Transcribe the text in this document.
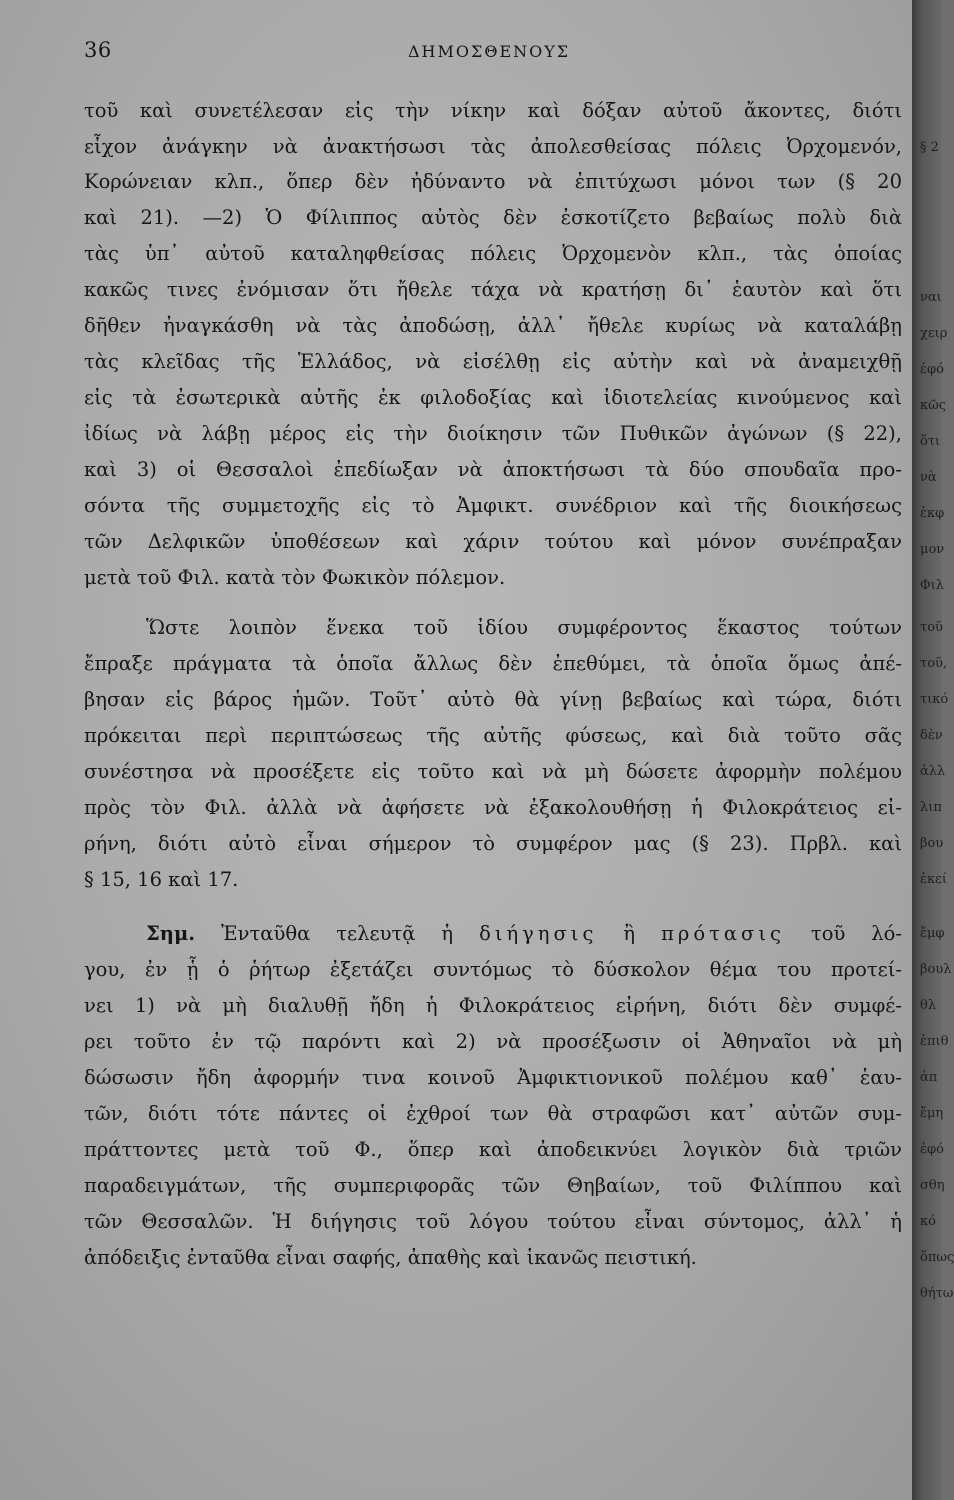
36	ΔΗΜΟΣΘΕΝΟΥΣ
τοῦ καὶ συνετέλεσαν εἰς τὴν νίκην καὶ δόξαν αὐτοῦ ἄκοντες, διότι
εἶχον ἀνάγκην νὰ ἀνακτήσωσι τὰς ἀπολεσθείσας πόλεις Ὀρχομενόν,
Κορώνειαν κλπ., ὅπερ δὲν ἠδύναντο νὰ ἐπιτύχωσι μόνοι των (§ 20
καὶ 21). —2) Ὁ Φίλιππος αὐτὸς δὲν ἐσκοτίζετο βεβαίως πολὺ διὰ
τὰς ὑπ᾽ αὐτοῦ καταληφθείσας πόλεις Ὀρχομενὸν κλπ., τὰς ὁποίας
κακῶς τινες ἐνόμισαν ὅτι ἤθελε τάχα νὰ κρατήσῃ δι᾽ ἑαυτὸν καὶ ὅτι
δῆθεν ἠναγκάσθη νὰ τὰς ἀποδώσῃ, ἀλλ᾽ ἤθελε κυρίως νὰ καταλάβῃ
τὰς κλεῖδας τῆς Ἑλλάδος, νὰ εἰσέλθῃ εἰς αὐτὴν καὶ νὰ ἀναμειχθῇ
εἰς τὰ ἐσωτερικὰ αὐτῆς ἐκ φιλοδοξίας καὶ ἰδιοτελείας κινούμενος καὶ
ἰδίως νὰ λάβῃ μέρος εἰς τὴν διοίκησιν τῶν Πυθικῶν ἀγώνων (§ 22),
καὶ 3) οἱ Θεσσαλοὶ ἐπεδίωξαν νὰ ἀποκτήσωσι τὰ δύο σπουδαῖα προ-
σόντα τῆς συμμετοχῆς εἰς τὸ Ἀμφικτ. συνέδριον καὶ τῆς διοικήσεως
τῶν Δελφικῶν ὑποθέσεων καὶ χάριν τούτου καὶ μόνον συνέπραξαν
μετὰ τοῦ Φιλ. κατὰ τὸν Φωκικὸν πόλεμον.
Ὥστε λοιπὸν ἕνεκα τοῦ ἰδίου συμφέροντος ἕκαστος τούτων
ἔπραξε πράγματα τὰ ὁποῖα ἄλλως δὲν ἐπεθύμει, τὰ ὁποῖα ὅμως ἀπέ-
βησαν εἰς βάρος ἡμῶν. Τοῦτ᾽ αὐτὸ θὰ γίνῃ βεβαίως καὶ τώρα, διότι
πρόκειται περὶ περιπτώσεως τῆς αὐτῆς φύσεως, καὶ διὰ τοῦτο σᾶς
συνέστησα νὰ προσέξετε εἰς τοῦτο καὶ νὰ μὴ δώσετε ἀφορμὴν πολέμου
πρὸς τὸν Φιλ. ἀλλὰ νὰ ἀφήσετε νὰ ἐξακολουθήσῃ ἡ Φιλοκράτειος εἰ-
ρήνη, διότι αὐτὸ εἶναι σήμερον τὸ συμφέρον μας (§ 23). Πρβλ. καὶ
§ 15, 16 καὶ 17.
Σημ. Ἐνταῦθα τελευτᾷ ἡ διήγησις ἢ πρότασις τοῦ λό-
γου, ἐν ᾗ ὁ ῥήτωρ ἐξετάζει συντόμως τὸ δύσκολον θέμα του προτεί-
νει 1) νὰ μὴ διαλυθῇ ἤδη ἡ Φιλοκράτειος εἰρήνη, διότι δὲν συμφέ-
ρει τοῦτο ἐν τῷ παρόντι καὶ 2) νὰ προσέξωσιν οἱ Ἀθηναῖοι νὰ μὴ
δώσωσιν ἤδη ἀφορμήν τινα κοινοῦ Ἀμφικτιονικοῦ πολέμου καθ᾽ ἑαυ-
τῶν, διότι τότε πάντες οἱ ἐχθροί των θὰ στραφῶσι κατ᾽ αὐτῶν συμ-
πράττοντες μετὰ τοῦ Φ., ὅπερ καὶ ἀποδεικνύει λογικὸν διὰ τριῶν
παραδειγμάτων, τῆς συμπεριφορᾶς τῶν Θηβαίων, τοῦ Φιλίππου καὶ
τῶν Θεσσαλῶν. Ἡ διήγησις τοῦ λόγου τούτου εἶναι σύντομος, ἀλλ᾽ ἡ
ἀπόδειξις ἐνταῦθα εἶναι σαφής, ἀπαθὴς καὶ ἱκανῶς πειστική.
§ 2
ναι
χειρ
ἐφό
κῶς
ὅτι
νὰ
ἐκφ
μον
Φιλ
τοῦ
τοῦ,
τικό
δὲν
ἀλλ
λιπ
βου
ἐκεί
ἔμφ
βουλ
θλ
ἐπιθ
ἀπ
ἔμη
ἐφό
σθη
κό
ὅπως
θήτω
